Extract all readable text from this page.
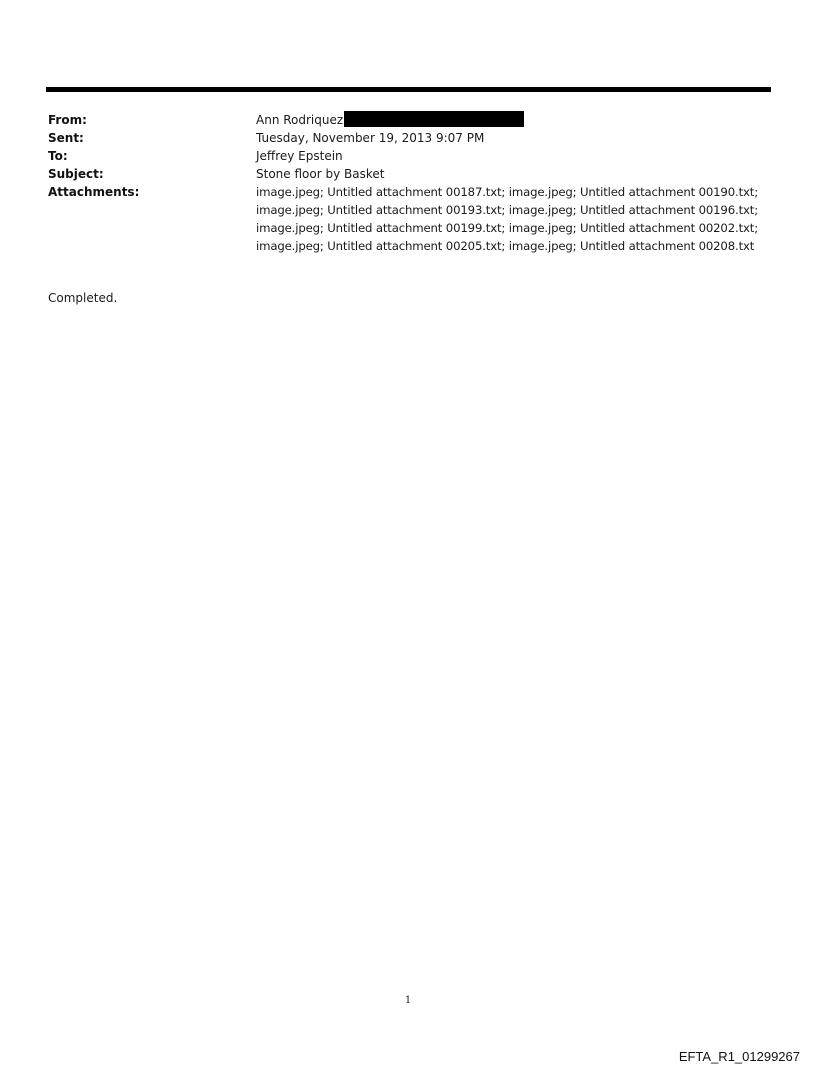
From:	Ann Rodriquez
Sent:	Tuesday, November 19, 2013 9:07 PM
To:	Jeffrey Epstein
Subject:	Stone floor by Basket
Attachments:	image.jpeg; Untitled attachment 00187.txt; image.jpeg; Untitled attachment 00190.txt;
image.jpeg; Untitled attachment 00193.txt; image.jpeg; Untitled attachment 00196.txt;
image.jpeg; Untitled attachment 00199.txt; image.jpeg; Untitled attachment 00202.txt;
image.jpeg; Untitled attachment 00205.txt; image.jpeg; Untitled attachment 00208.txt
Completed.
1
EFTA_R1_01299267
